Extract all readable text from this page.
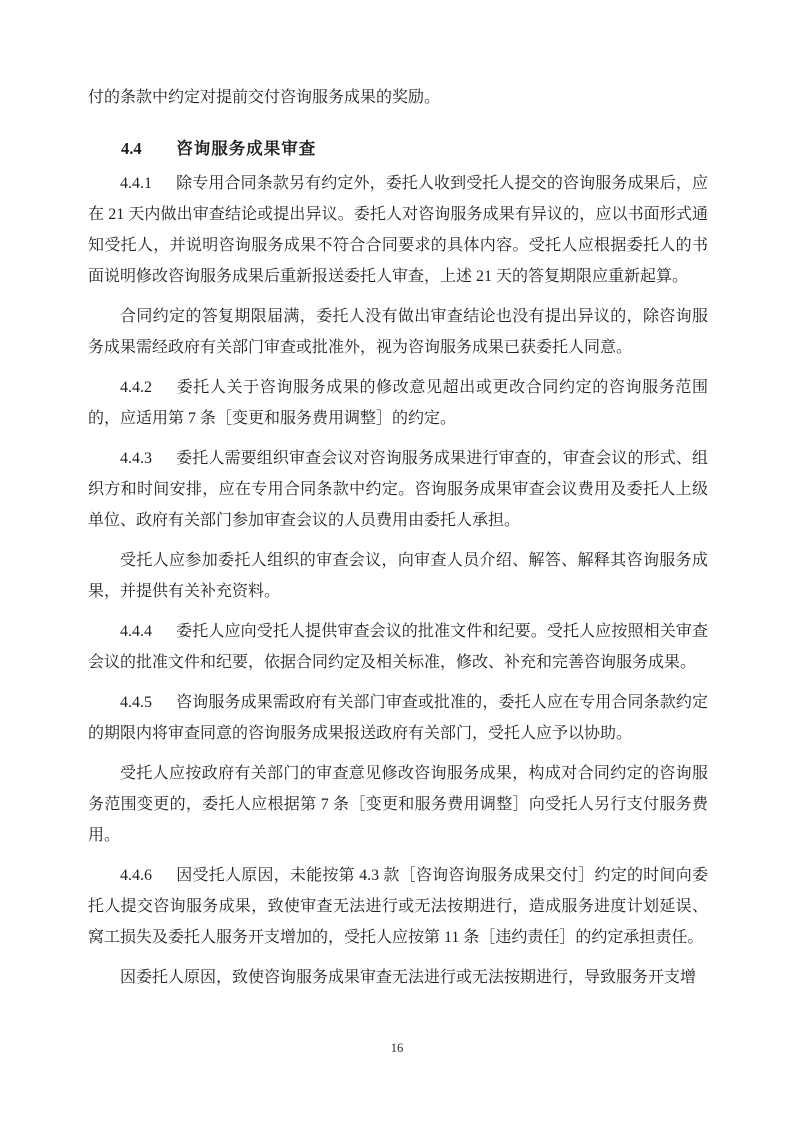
付的条款中约定对提前交付咨询服务成果的奖励。

4.4 咨询服务成果审查

4.4.1 除专用合同条款另有约定外，委托人收到受托人提交的咨询服务成果后，应在 21 天内做出审查结论或提出异议。委托人对咨询服务成果有异议的，应以书面形式通知受托人，并说明咨询服务成果不符合合同要求的具体内容。受托人应根据委托人的书面说明修改咨询服务成果后重新报送委托人审查，上述 21 天的答复期限应重新起算。

合同约定的答复期限届满，委托人没有做出审查结论也没有提出异议的，除咨询服务成果需经政府有关部门审查或批准外，视为咨询服务成果已获委托人同意。

4.4.2 委托人关于咨询服务成果的修改意见超出或更改合同约定的咨询服务范围的，应适用第 7 条［变更和服务费用调整］的约定。

4.4.3 委托人需要组织审查会议对咨询服务成果进行审查的，审查会议的形式、组织方和时间安排，应在专用合同条款中约定。咨询服务成果审查会议费用及委托人上级单位、政府有关部门参加审查会议的人员费用由委托人承担。

受托人应参加委托人组织的审查会议，向审查人员介绍、解答、解释其咨询服务成果，并提供有关补充资料。

4.4.4 委托人应向受托人提供审查会议的批准文件和纪要。受托人应按照相关审查会议的批准文件和纪要，依据合同约定及相关标准，修改、补充和完善咨询服务成果。

4.4.5 咨询服务成果需政府有关部门审查或批准的，委托人应在专用合同条款约定的期限内将审查同意的咨询服务成果报送政府有关部门，受托人应予以协助。

受托人应按政府有关部门的审查意见修改咨询服务成果，构成对合同约定的咨询服务范围变更的，委托人应根据第 7 条［变更和服务费用调整］向受托人另行支付服务费用。

4.4.6 因受托人原因，未能按第 4.3 款［咨询咨询服务成果交付］约定的时间向委托人提交咨询服务成果，致使审查无法进行或无法按期进行，造成服务进度计划延误、窝工损失及委托人服务开支增加的，受托人应按第 11 条［违约责任］的约定承担责任。

因委托人原因，致使咨询服务成果审查无法进行或无法按期进行，导致服务开支增

16
